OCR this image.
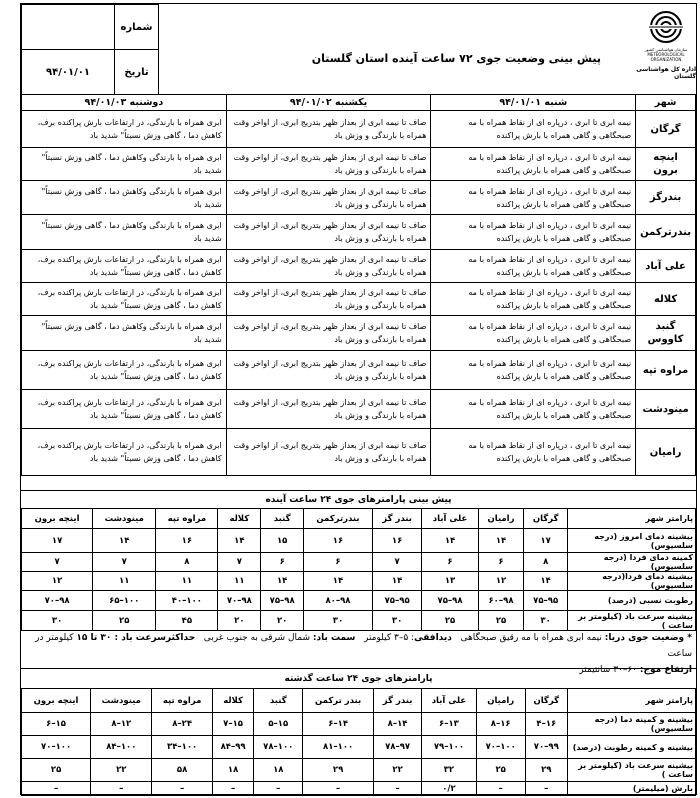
سازمان هواشناسی کشور
METEOROLOGICAL ORGANIZATION
اداره کل هواشناسی گلستان
پیش بینی وضعیت جوی ۷۲ ساعت آینده استان گلستان
شماره	
تاریخ	۹۴/۰۱/۰۱
شهر	شنبه ۹۴/۰۱/۰۱	یکشنبه ۹۴/۰۱/۰۲	دوشنبه ۹۴/۰۱/۰۳
گرگان	نیمه ابری تا ابری ، درپاره ای از نقاط همراه با مه صبحگاهی و گاهی همراه با بارش پراکنده	صاف تا نیمه ابری از بعداز ظهر بتدریج ابری، از اواخر وقت همراه با بارندگی و وزش باد	ابری همراه با بارندگی، در ارتفاعات بارش پراکنده برف، کاهش دما ، گاهی وزش نسبتاً" شدید باد
اینچه برون	نیمه ابری تا ابری ، درپاره ای از نقاط همراه با مه صبحگاهی و گاهی همراه با بارش پراکنده	صاف تا نیمه ابری از بعداز ظهر بتدریج ابری، از اواخر وقت همراه با بارندگی و وزش باد	ابری همراه با بارندگی وکاهش دما ، گاهی وزش نسبتاً" شدید باد
بندرگز	نیمه ابری تا ابری ، درپاره ای از نقاط همراه با مه صبحگاهی و گاهی همراه با بارش پراکنده	صاف تا نیمه ابری از بعداز ظهر بتدریج ابری، از اواخر وقت همراه با بارندگی و وزش باد	ابری همراه با بارندگی وکاهش دما ، گاهی وزش نسبتاً" شدید باد
بندرترکمن	نیمه ابری تا ابری ، درپاره ای از نقاط همراه با مه صبحگاهی و گاهی همراه با بارش پراکنده	صاف تا نیمه ابری از بعداز ظهر بتدریج ابری، از اواخر وقت همراه با بارندگی و وزش باد	ابری همراه با بارندگی وکاهش دما ، گاهی وزش نسبتاً" شدید باد
علی آباد	نیمه ابری تا ابری ، درپاره ای از نقاط همراه با مه صبحگاهی و گاهی همراه با بارش پراکنده	صاف تا نیمه ابری از بعداز ظهر بتدریج ابری، از اواخر وقت همراه با بارندگی و وزش باد	ابری همراه با بارندگی، در ارتفاعات بارش پراکنده برف، کاهش دما ، گاهی وزش نسبتاً" شدید باد
کلاله	نیمه ابری تا ابری ، درپاره ای از نقاط همراه با مه صبحگاهی و گاهی همراه با بارش پراکنده	صاف تا نیمه ابری از بعداز ظهر بتدریج ابری، از اواخر وقت همراه با بارندگی و وزش باد	ابری همراه با بارندگی، در ارتفاعات بارش پراکنده برف، کاهش دما ، گاهی وزش نسبتاً" شدید باد
گنبد کاووس	نیمه ابری تا ابری ، درپاره ای از نقاط همراه با مه صبحگاهی و گاهی همراه با بارش پراکنده	صاف تا نیمه ابری از بعداز ظهر بتدریج ابری، از اواخر وقت همراه با بارندگی و وزش باد	ابری همراه با بارندگی وکاهش دما ، گاهی وزش نسبتاً" شدید باد
مراوه تپه	نیمه ابری تا ابری ، درپاره ای از نقاط همراه با مه صبحگاهی و گاهی همراه با بارش پراکنده	صاف تا نیمه ابری از بعداز ظهر بتدریج ابری، از اواخر وقت همراه با بارندگی و وزش باد	ابری همراه با بارندگی، در ارتفاعات بارش پراکنده برف، کاهش دما ، گاهی وزش نسبتاً" شدید باد
مینودشت	نیمه ابری تا ابری ، درپاره ای از نقاط همراه با مه صبحگاهی و گاهی همراه با بارش پراکنده	صاف تا نیمه ابری از بعداز ظهر بتدریج ابری، از اواخر وقت همراه با بارندگی و وزش باد	ابری همراه با بارندگی، در ارتفاعات بارش پراکنده برف، کاهش دما ، گاهی وزش نسبتاً" شدید باد
رامیان	نیمه ابری تا ابری ، درپاره ای از نقاط همراه با مه صبحگاهی و گاهی همراه با بارش پراکنده	صاف تا نیمه ابری از بعداز ظهر بتدریج ابری، از اواخر وقت همراه با بارندگی و وزش باد	ابری همراه با بارندگی، در ارتفاعات بارش پراکنده برف، کاهش دما ، گاهی وزش نسبتاً" شدید باد
پیش بینی پارامترهای جوی ۲۴ ساعت آینده
پارامتر شهر	گرگان	رامیان	علی آباد	بندر گز	بندرترکمن	گنبد	کلاله	مراوه تپه	مینودشت	اینچه برون
بیشینه دمای امروز (درجه سلسیوس)	۱۷	۱۴	۱۴	۱۶	۱۶	۱۵	۱۴	۱۶	۱۴	۱۷
کمینه دمای فردا (درجه سلسیوس)	۸	۶	۶	۷	۶	۶	۷	۸	۷	۷
بیشینه دمای فردا(درجه سلسیوس)	۱۴	۱۲	۱۳	۱۴	۱۴	۱۴	۱۱	۱۱	۱۱	۱۲
رطوبت نسبی (درصد)	۹۵–۷۵	۹۸–۶۰	۹۸–۷۵	۹۵–۷۵	۹۸–۸۰	۹۸–۷۵	۹۸–۷۰	۱۰۰–۴۰	۱۰۰–۶۵	۹۸–۷۰
بیشینه سرعت باد (کیلومتر بر ساعت )	۳۰	۲۵	۲۵	۳۰	۳۰	۲۰	۲۰	۴۵	۲۵	۳۰
* وضعیت جوی دریا: نیمه ابری همراه با مه رقیق صبحگاهی   دیدافقی: ۵–۳ کیلومتر   سمت باد: شمال شرقی به جنوب غربی   حداکثرسرعت باد : ۳۰ تا ۱۵ کیلومتر در ساعت
ارتفاع موج: ۶۰–۳۰ سانتیمتر
پارامترهای جوی ۲۴ ساعت گذشته
پارامتر شهر	گرگان	رامیان	علی آباد	بندر گز	بندر ترکمن	گنبد	کلاله	مراوه تپه	مینودشت	اینچه برون
بیشینه و کمینه دما (درجه سلسیوس)	۱۶–۴	۱۶–۸	۱۳–۶	۱۴–۸	۱۴–۶	۱۵–۵	۱۵–۷	۲۴–۸	۱۲–۸	۱۵–۶
بیشینه و کمینه رطوبت (درصد)	۹۹–۷۰	۱۰۰–۷۰	۱۰۰–۷۹	۹۷–۷۸	۱۰۰–۸۱	۱۰۰–۷۸	۹۹–۸۴	۱۰۰–۳۴	۱۰۰–۸۴	۱۰۰–۷۰
بیشینه سرعت باد (کیلومتر بر ساعت )	۲۹	۲۵	۳۲	۲۲	۲۹	۱۸	۱۸	۵۸	۲۲	۲۵
بارش (میلیمتر)	–	–	۰/۲	–	–	–	–	–	–	–
